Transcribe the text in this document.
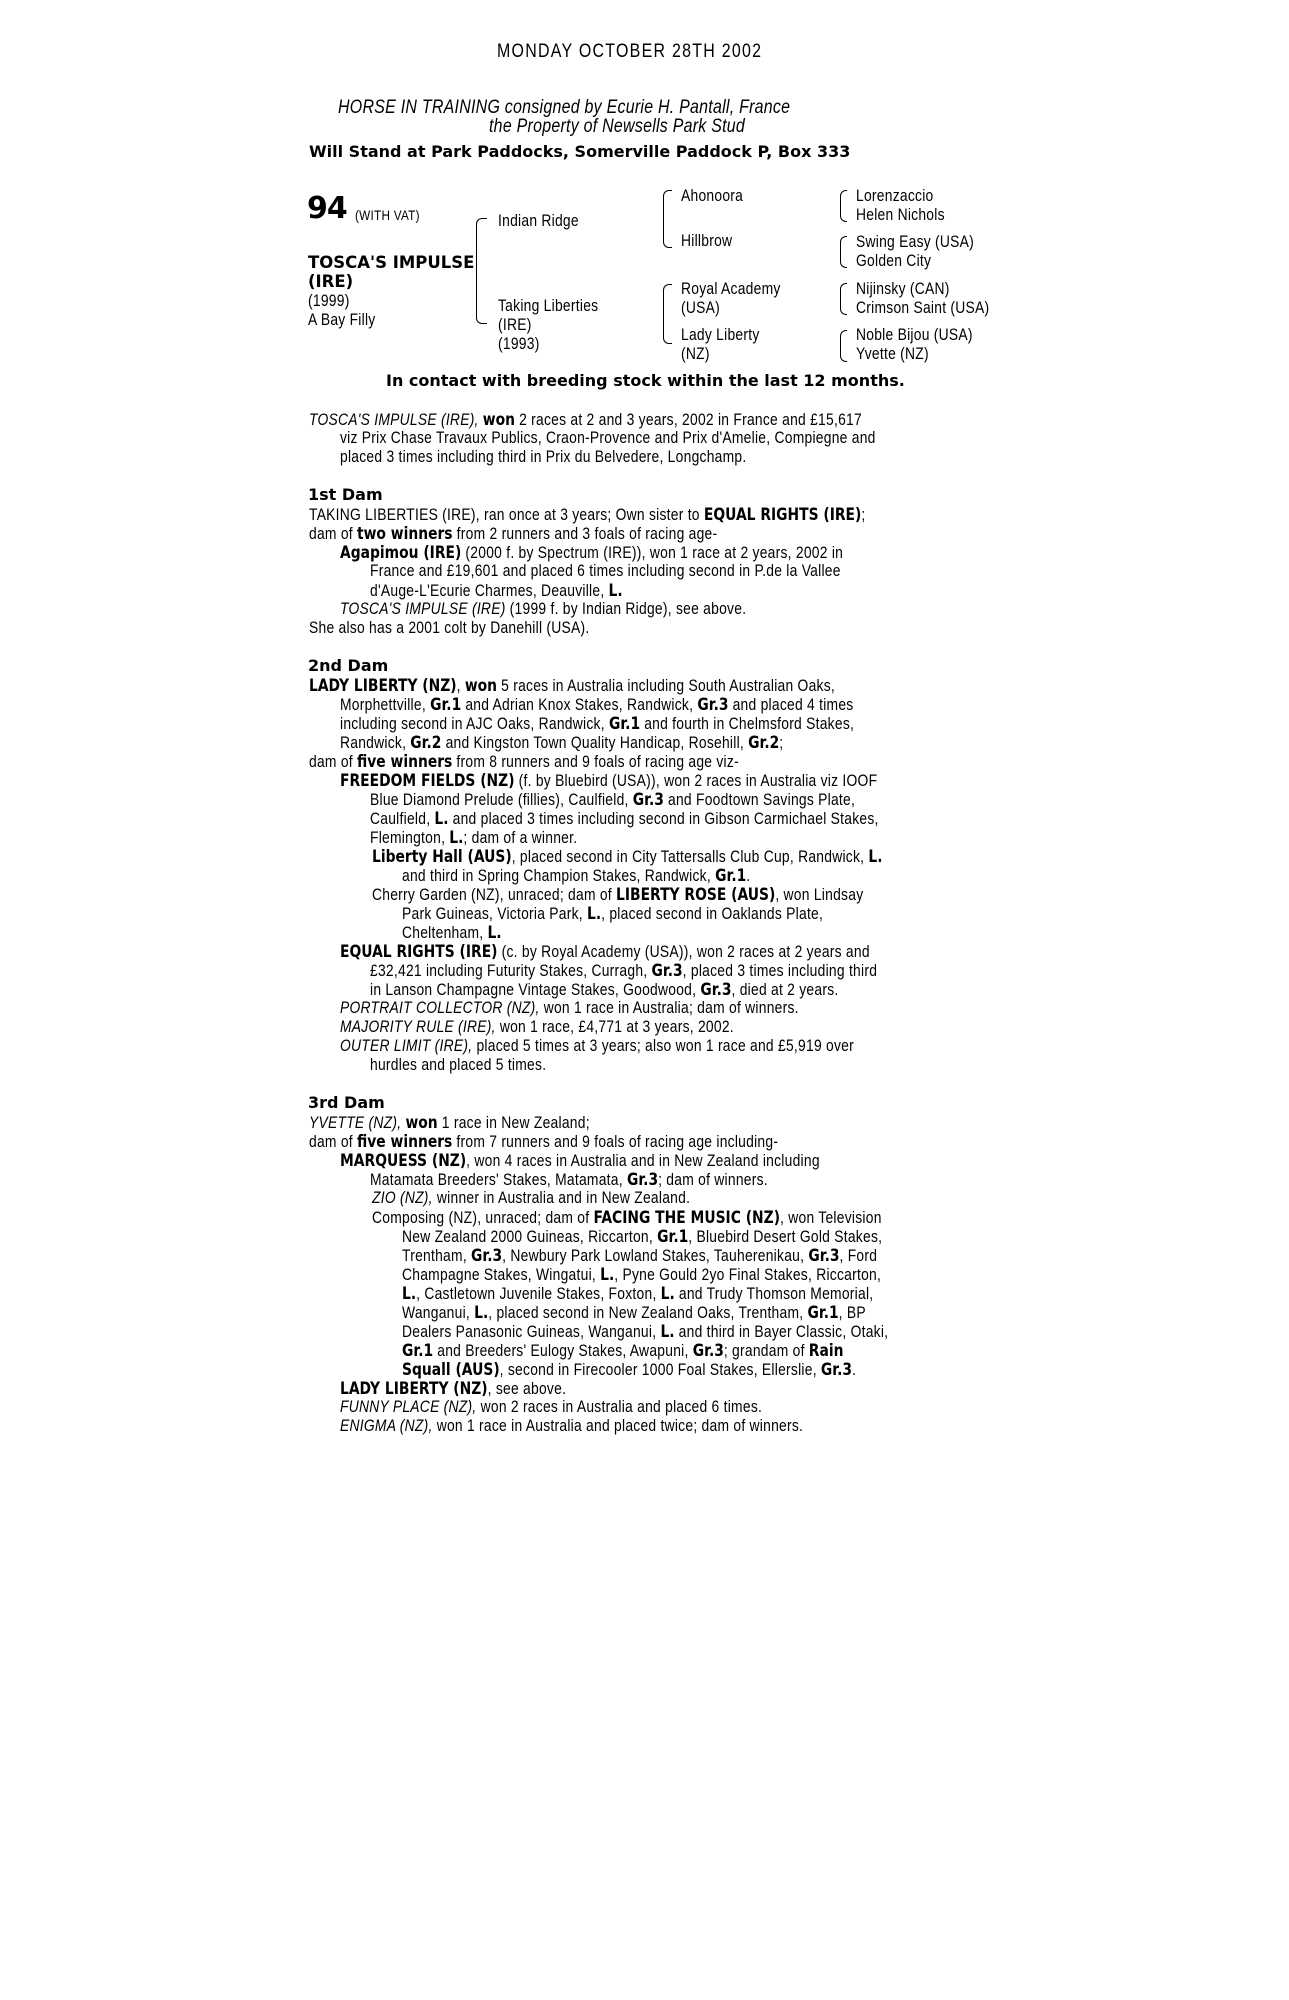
MONDAY OCTOBER 28TH 2002
HORSE IN TRAINING consigned by Ecurie H. Pantall, France
the Property of Newsells Park Stud
Will Stand at Park Paddocks, Somerville Paddock P, Box 333
94 (WITH VAT)
TOSCA'S IMPULSE
(IRE)
(1999)
A Bay Filly
Indian Ridge
Taking Liberties
(IRE)
(1993)
Ahonoora
Hillbrow
Royal Academy
(USA)
Lady Liberty
(NZ)
Lorenzaccio
Helen Nichols
Swing Easy (USA)
Golden City
Nijinsky (CAN)
Crimson Saint (USA)
Noble Bijou (USA)
Yvette (NZ)
In contact with breeding stock within the last 12 months.
TOSCA'S IMPULSE (IRE), won 2 races at 2 and 3 years, 2002 in France and £15,617
viz Prix Chase Travaux Publics, Craon-Provence and Prix d'Amelie, Compiegne and
placed 3 times including third in Prix du Belvedere, Longchamp.
1st Dam
TAKING LIBERTIES (IRE), ran once at 3 years; Own sister to EQUAL RIGHTS (IRE);
dam of two winners from 2 runners and 3 foals of racing age-
Agapimou (IRE) (2000 f. by Spectrum (IRE)), won 1 race at 2 years, 2002 in
France and £19,601 and placed 6 times including second in P.de la Vallee
d'Auge-L'Ecurie Charmes, Deauville, L.
TOSCA'S IMPULSE (IRE) (1999 f. by Indian Ridge), see above.
She also has a 2001 colt by Danehill (USA).
2nd Dam
LADY LIBERTY (NZ), won 5 races in Australia including South Australian Oaks,
Morphettville, Gr.1 and Adrian Knox Stakes, Randwick, Gr.3 and placed 4 times
including second in AJC Oaks, Randwick, Gr.1 and fourth in Chelmsford Stakes,
Randwick, Gr.2 and Kingston Town Quality Handicap, Rosehill, Gr.2;
dam of five winners from 8 runners and 9 foals of racing age viz-
FREEDOM FIELDS (NZ) (f. by Bluebird (USA)), won 2 races in Australia viz IOOF
Blue Diamond Prelude (fillies), Caulfield, Gr.3 and Foodtown Savings Plate,
Caulfield, L. and placed 3 times including second in Gibson Carmichael Stakes,
Flemington, L.; dam of a winner.
Liberty Hall (AUS), placed second in City Tattersalls Club Cup, Randwick, L.
and third in Spring Champion Stakes, Randwick, Gr.1.
Cherry Garden (NZ), unraced; dam of LIBERTY ROSE (AUS), won Lindsay
Park Guineas, Victoria Park, L., placed second in Oaklands Plate,
Cheltenham, L.
EQUAL RIGHTS (IRE) (c. by Royal Academy (USA)), won 2 races at 2 years and
£32,421 including Futurity Stakes, Curragh, Gr.3, placed 3 times including third
in Lanson Champagne Vintage Stakes, Goodwood, Gr.3, died at 2 years.
PORTRAIT COLLECTOR (NZ), won 1 race in Australia; dam of winners.
MAJORITY RULE (IRE), won 1 race, £4,771 at 3 years, 2002.
OUTER LIMIT (IRE), placed 5 times at 3 years; also won 1 race and £5,919 over
hurdles and placed 5 times.
3rd Dam
YVETTE (NZ), won 1 race in New Zealand;
dam of five winners from 7 runners and 9 foals of racing age including-
MARQUESS (NZ), won 4 races in Australia and in New Zealand including
Matamata Breeders' Stakes, Matamata, Gr.3; dam of winners.
ZIO (NZ), winner in Australia and in New Zealand.
Composing (NZ), unraced; dam of FACING THE MUSIC (NZ), won Television
New Zealand 2000 Guineas, Riccarton, Gr.1, Bluebird Desert Gold Stakes,
Trentham, Gr.3, Newbury Park Lowland Stakes, Tauherenikau, Gr.3, Ford
Champagne Stakes, Wingatui, L., Pyne Gould 2yo Final Stakes, Riccarton,
L., Castletown Juvenile Stakes, Foxton, L. and Trudy Thomson Memorial,
Wanganui, L., placed second in New Zealand Oaks, Trentham, Gr.1, BP
Dealers Panasonic Guineas, Wanganui, L. and third in Bayer Classic, Otaki,
Gr.1 and Breeders' Eulogy Stakes, Awapuni, Gr.3; grandam of Rain
Squall (AUS), second in Firecooler 1000 Foal Stakes, Ellerslie, Gr.3.
LADY LIBERTY (NZ), see above.
FUNNY PLACE (NZ), won 2 races in Australia and placed 6 times.
ENIGMA (NZ), won 1 race in Australia and placed twice; dam of winners.
